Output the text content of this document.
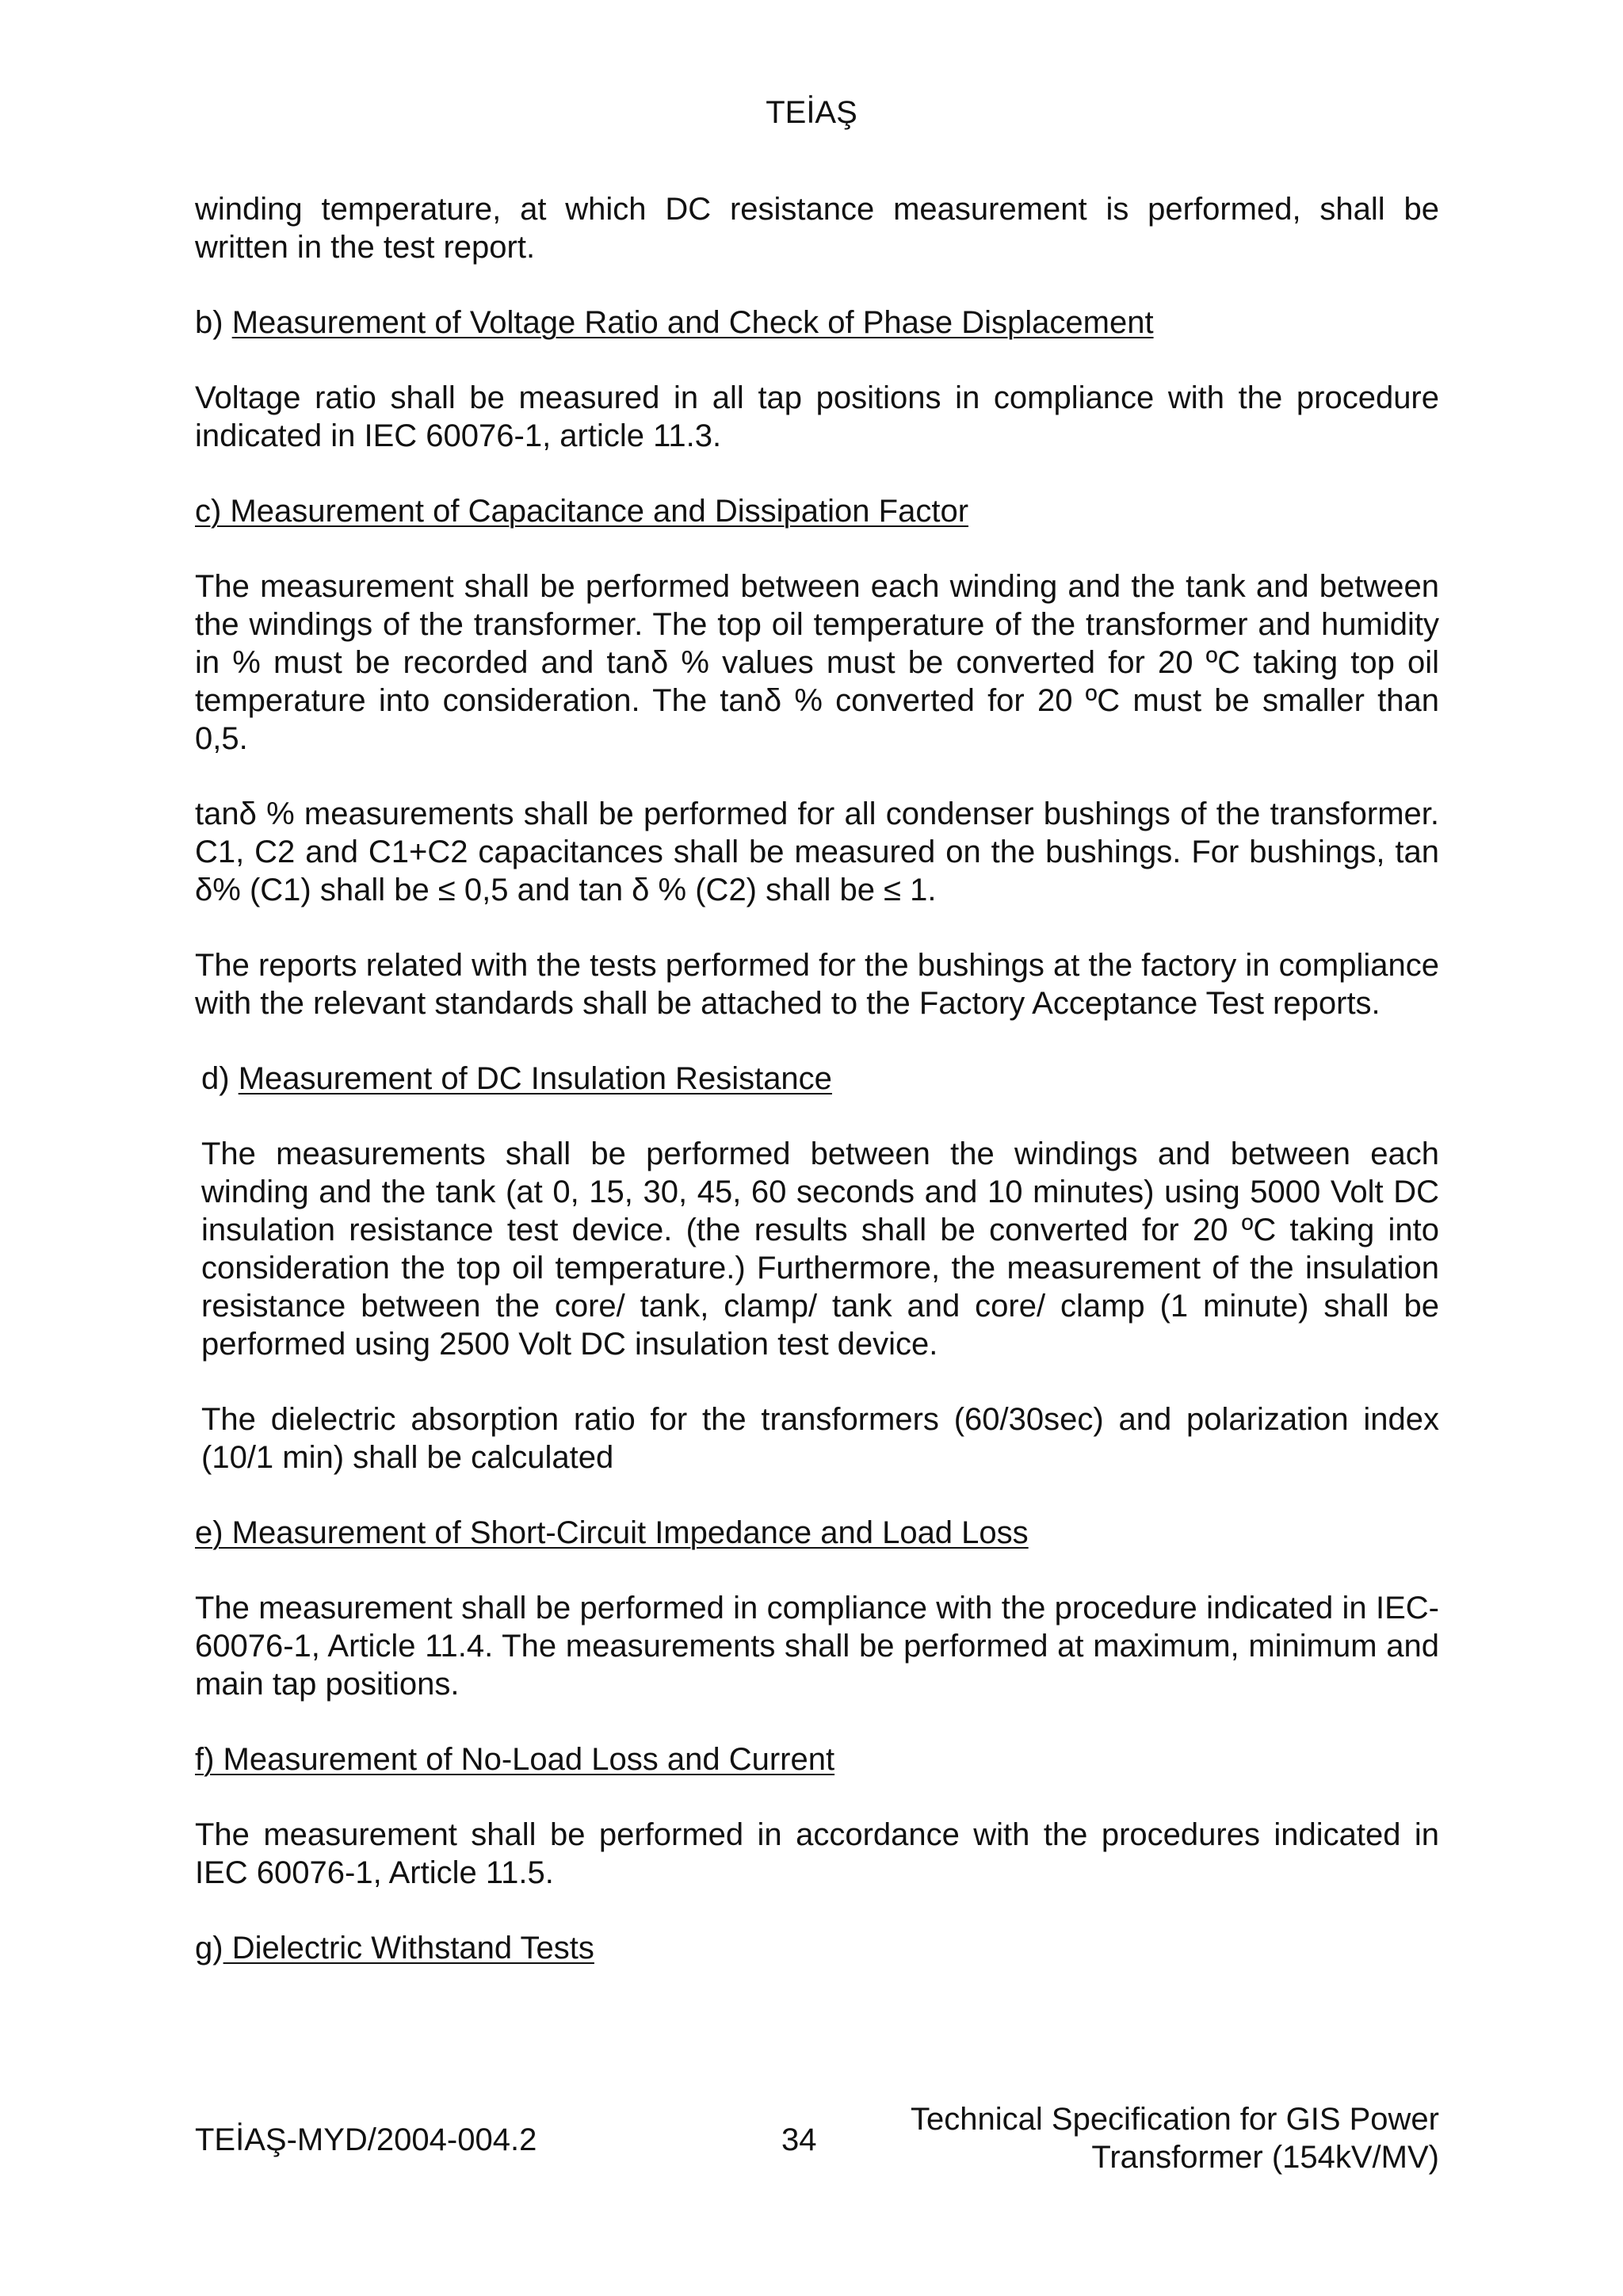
TEİAŞ

winding temperature, at which DC resistance measurement is performed, shall be written in the test report.

b) Measurement of Voltage Ratio and Check of Phase Displacement

Voltage ratio shall be measured in all tap positions in compliance with the procedure indicated in IEC 60076-1, article 11.3.

c) Measurement of Capacitance and Dissipation Factor

The measurement shall be performed between each winding and the tank and between the windings of the transformer. The top oil temperature of the transformer and humidity in % must be recorded and tanδ % values must be converted for 20 ºC taking top oil temperature into consideration. The tanδ % converted for 20 ºC must be smaller than 0,5.

tanδ % measurements shall be performed for all condenser bushings of the transformer. C1, C2 and C1+C2 capacitances shall be measured on the bushings. For bushings, tan δ% (C1) shall be ≤ 0,5 and tan δ % (C2) shall be ≤ 1.

The reports related with the tests performed for the bushings at the factory in compliance with the relevant standards shall be attached to the Factory Acceptance Test reports.

d) Measurement of DC Insulation Resistance

The measurements shall be performed between the windings and between each winding and the tank (at 0, 15, 30, 45, 60 seconds and 10 minutes) using 5000 Volt DC insulation resistance test device. (the results shall be converted for 20 ºC taking into consideration the top oil temperature.) Furthermore, the measurement of the insulation resistance between the core/ tank, clamp/ tank and core/ clamp (1 minute) shall be performed using 2500 Volt DC insulation test device.

The dielectric absorption ratio for the transformers (60/30sec) and polarization index (10/1 min) shall be calculated

e) Measurement of Short-Circuit Impedance and Load Loss

The measurement shall be performed in compliance with the procedure indicated in IEC-60076-1, Article 11.4. The measurements shall be performed at maximum, minimum and main tap positions.

f) Measurement of No-Load Loss and Current

The measurement shall be performed in accordance with the procedures indicated in IEC 60076-1, Article 11.5.

g) Dielectric Withstand Tests
TEİAŞ-MYD/2004-004.2	34
Technical Specification for GIS Power
Transformer (154kV/MV)
